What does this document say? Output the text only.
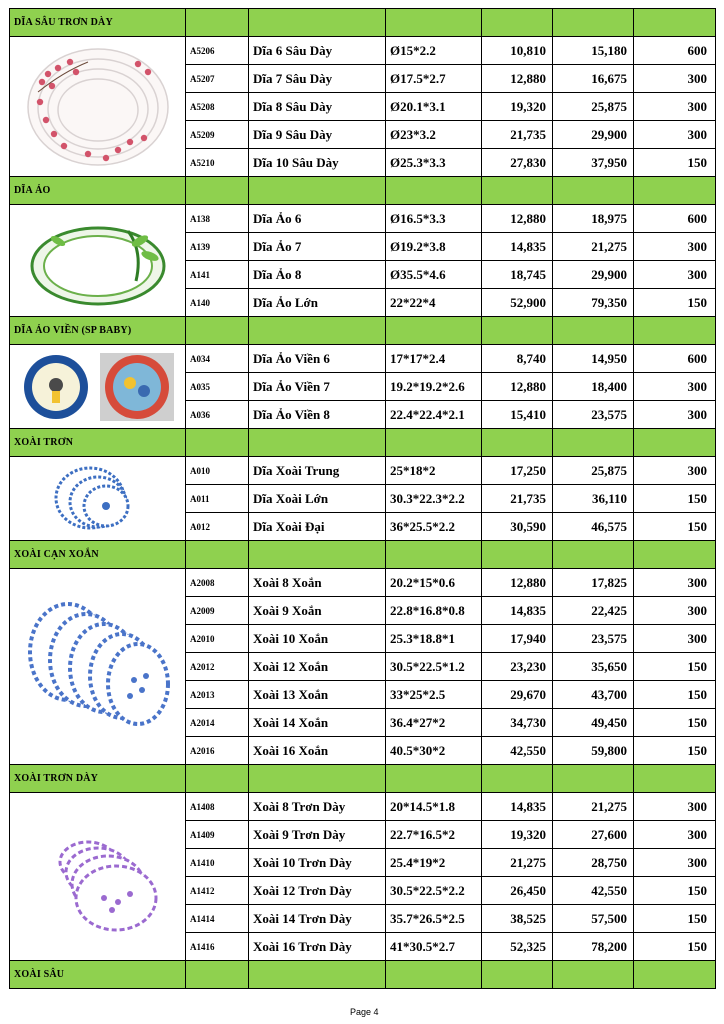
DĨA SÂU TRƠN DÀY						

	A5206	Dĩa 6 Sâu Dày	Ø15*2.2	10,810	15,180	600
	A5207	Dĩa 7 Sâu Dày	Ø17.5*2.7	12,880	16,675	300
	A5208	Dĩa 8 Sâu Dày	Ø20.1*3.1	19,320	25,875	300
	A5209	Dĩa 9 Sâu Dày	Ø23*3.2	21,735	29,900	300
	A5210	Dĩa 10 Sâu Dày	Ø25.3*3.3	27,830	37,950	150
DĨA ẢO						

	A138	Dĩa Ảo 6	Ø16.5*3.3	12,880	18,975	600
	A139	Dĩa Ảo 7	Ø19.2*3.8	14,835	21,275	300
	A141	Dĩa Ảo 8	Ø35.5*4.6	18,745	29,900	300
	A140	Dĩa Ảo Lớn	22*22*4	52,900	79,350	150
DĨA ẢO VIỀN (SP BABY)						

	A034	Dĩa Ảo Viền 6	17*17*2.4	8,740	14,950	600
	A035	Dĩa Ảo Viền 7	19.2*19.2*2.6	12,880	18,400	300
	A036	Dĩa Ảo Viền 8	22.4*22.4*2.1	15,410	23,575	300
XOÀI TRƠN						

	A010	Dĩa Xoài Trung	25*18*2	17,250	25,875	300
	A011	Dĩa Xoài Lớn	30.3*22.3*2.2	21,735	36,110	150
	A012	Dĩa Xoài Đại	36*25.5*2.2	30,590	46,575	150
XOÀI CẠN XOẮN						

	A2008	Xoài 8 Xoắn	20.2*15*0.6	12,880	17,825	300
	A2009	Xoài 9 Xoắn	22.8*16.8*0.8	14,835	22,425	300
	A2010	Xoài 10 Xoắn	25.3*18.8*1	17,940	23,575	300
	A2012	Xoài 12 Xoắn	30.5*22.5*1.2	23,230	35,650	150
	A2013	Xoài 13 Xoắn	33*25*2.5	29,670	43,700	150
	A2014	Xoài 14 Xoắn	36.4*27*2	34,730	49,450	150
	A2016	Xoài 16 Xoắn	40.5*30*2	42,550	59,800	150
XOÀI TRƠN DÀY						

	A1408	Xoài 8 Trơn Dày	20*14.5*1.8	14,835	21,275	300
	A1409	Xoài 9 Trơn Dày	22.7*16.5*2	19,320	27,600	300
	A1410	Xoài 10 Trơn Dày	25.4*19*2	21,275	28,750	300
	A1412	Xoài 12 Trơn Dày	30.5*22.5*2.2	26,450	42,550	150
	A1414	Xoài 14 Trơn Dày	35.7*26.5*2.5	38,525	57,500	150
	A1416	Xoài 16 Trơn Dày	41*30.5*2.7	52,325	78,200	150
XOÀI SÂU						
Page 4
